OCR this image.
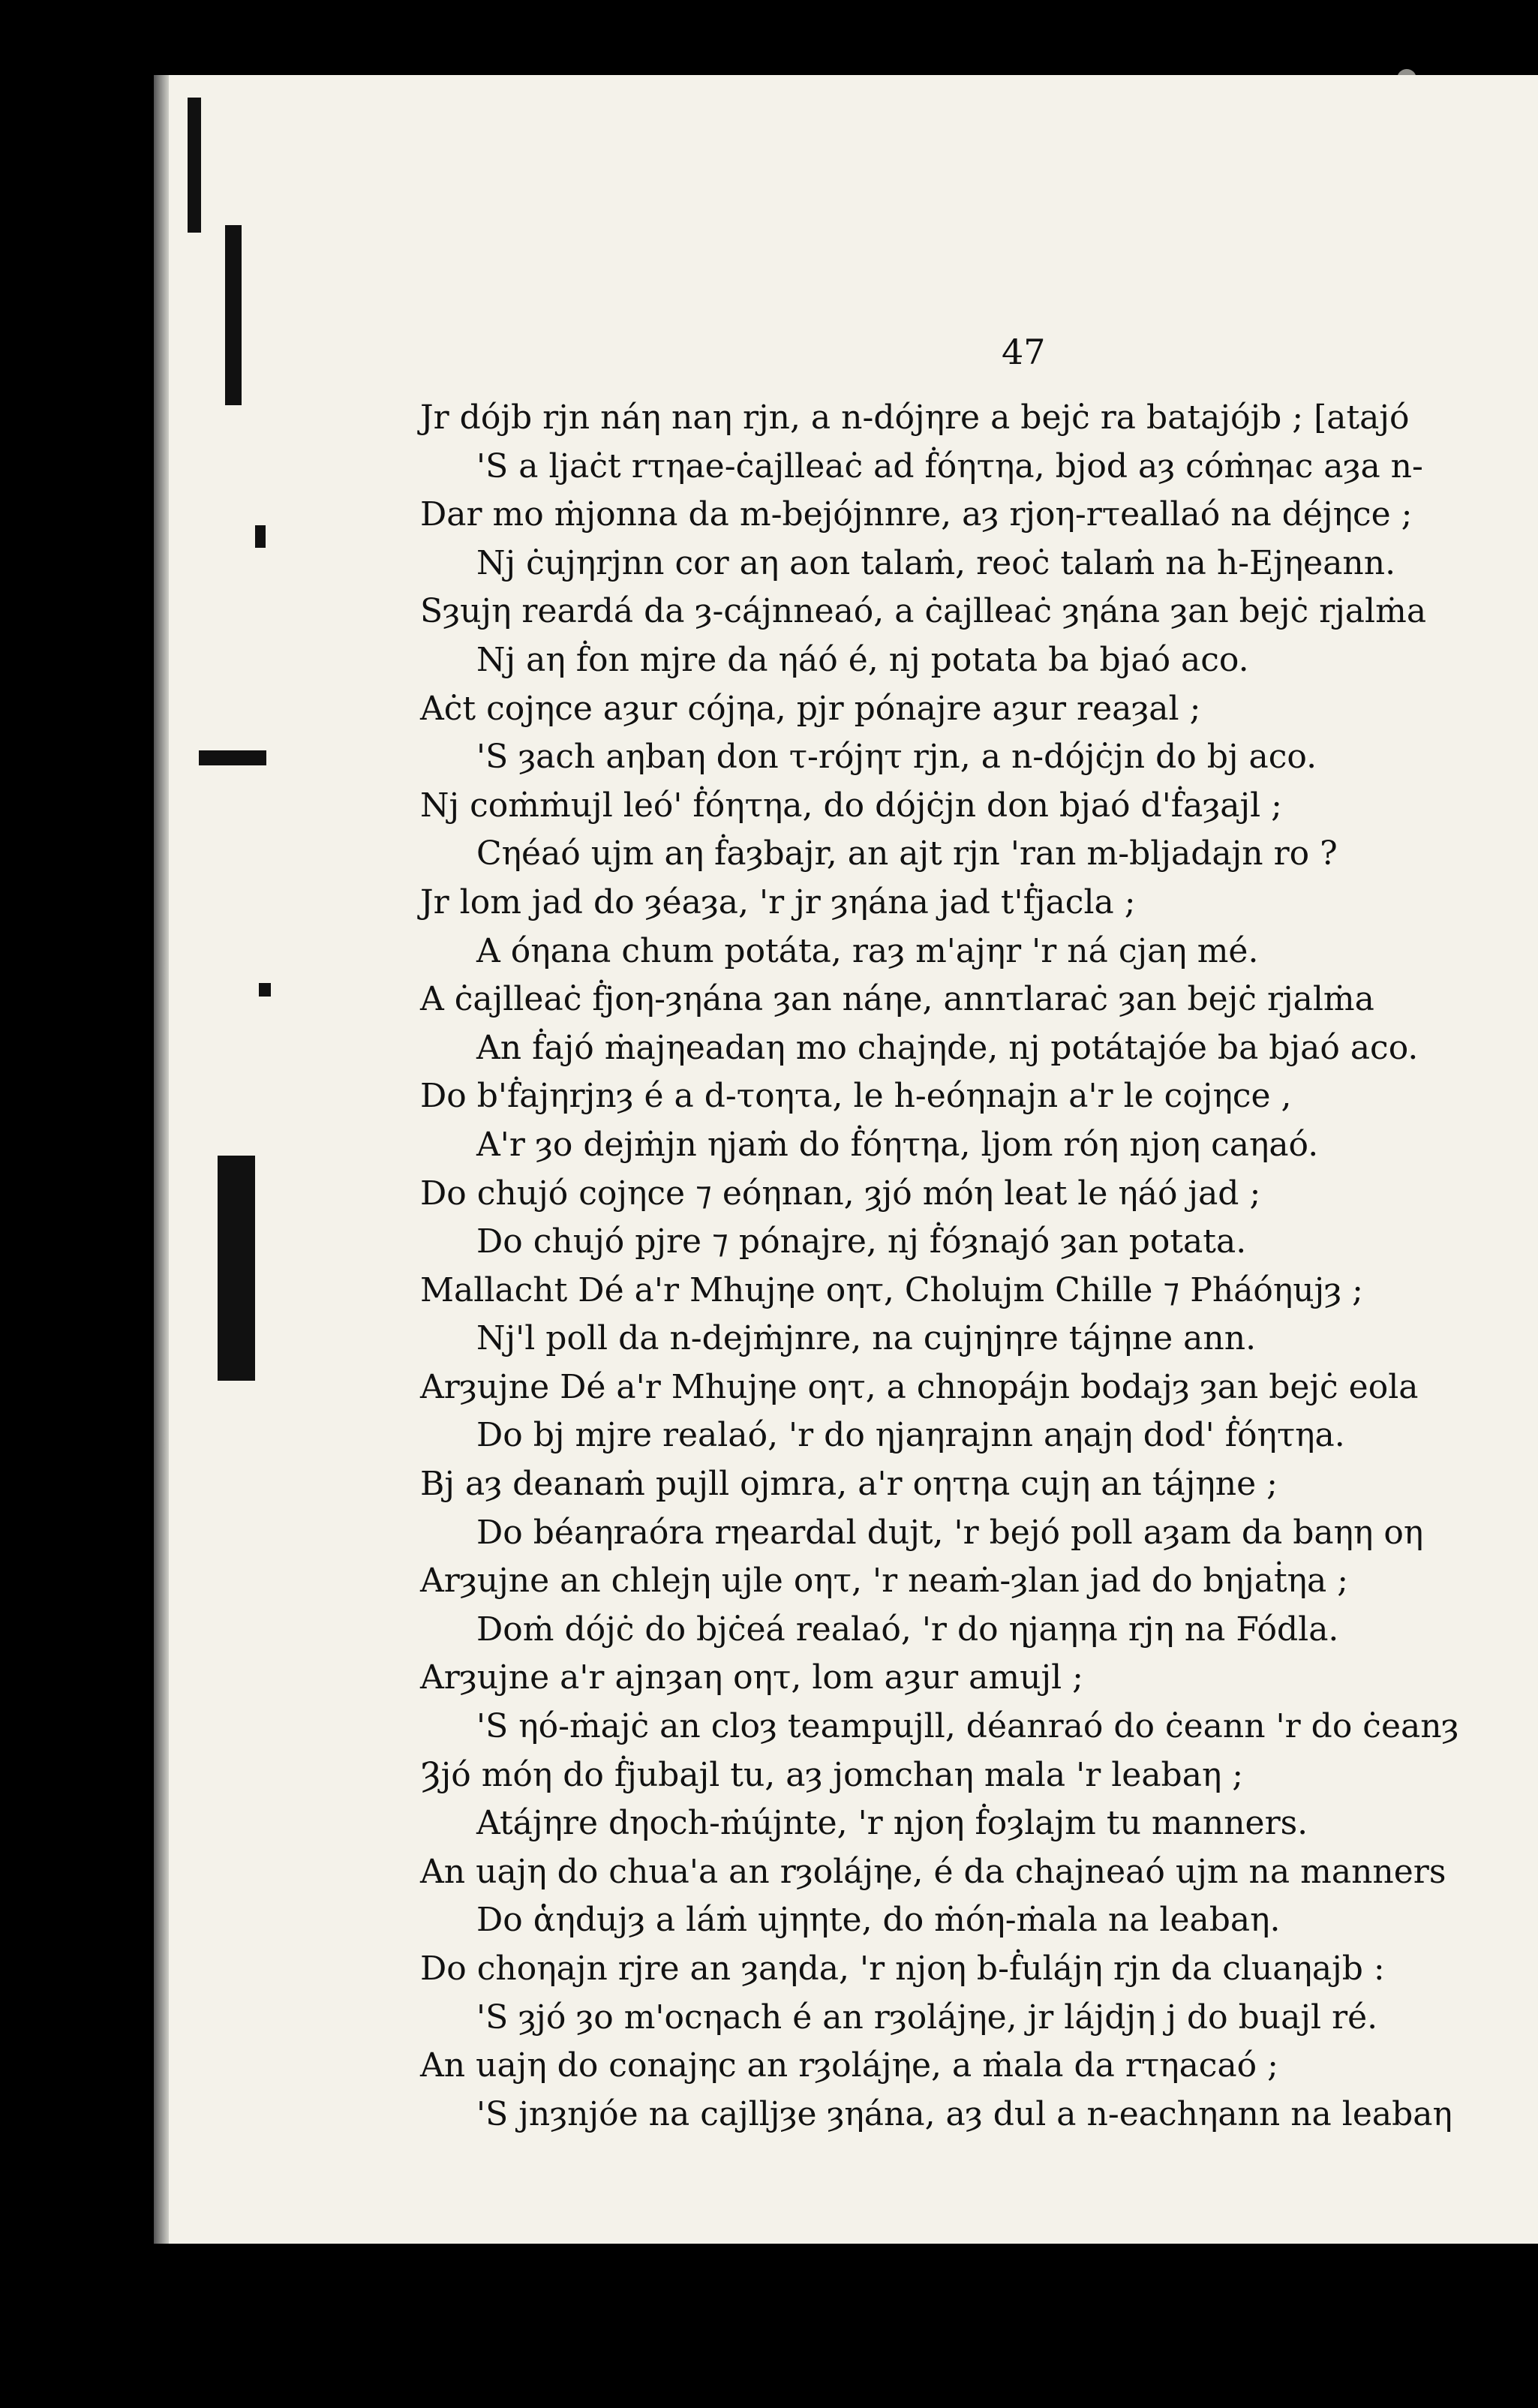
47
Jr dójb rjn náη naη rjn, a n-dójηre a bejċ ra batajójb ; [atajó
'S a ljaċt rτηae-ċajlleaċ ad ḟóητηa, bjod aȝ cóṁηac aȝa n-
Dar mo ṁjonna da m-bejójnnre, aȝ rjoη-rτeallaó na déjηce ;
Nj ċujηrjnn cor aη aon talaṁ, reoċ talaṁ na h-Ejηeann.
Sȝujη reardá da ȝ-cájnneaó, a ċajlleaċ ȝηána ȝan bejċ rjalṁa
Nj aη ḟon mjre da ηáó é, nj potata ba bjaó aco.
Aċt cojηce aȝur cójηa, pjr pónajre aȝur reaȝal ;
'S ȝach aηbaη don τ-rójητ rjn, a n-dójċjn do bj aco.
Nj coṁṁujl leó' ḟóητηa, do dójċjn don bjaó d'ḟaȝajl ;
Cηéaó ujm aη ḟaȝbajr, an ajt rjn 'ran m-bljadajn ro ?
Jr lom jad do ȝéaȝa, 'r jr ȝηána jad t'ḟjacla ;
A óηana chum potáta, raȝ m'ajηr 'r ná cjaη mé.
A ċajlleaċ ḟjoη-ȝηána ȝan náηe, annτlaraċ ȝan bejċ rjalṁa
An ḟajó ṁajηeadaη mo chajηde, nj potátajóe ba bjaó aco.
Do b'ḟajηrjnȝ é a d-τoητa, le h-eóηnajn a'r le cojηce ,
A'r ȝo dejṁjn ηjaṁ do ḟóητηa, ljom róη njoη caηaó.
Do chujó cojηce ⁊ eóηnan, ȝjó móη leat le ηáó jad ;
Do chujó pjre ⁊ pónajre, nj ḟóȝnajó ȝan potata.
Mallacht Dé a'r Mhujηe oητ, Cholujm Chille ⁊ Pháóηujȝ ;
Nj'l poll da n-dejṁjnre, na cujηjηre tájηne ann.
Arȝujne Dé a'r Mhujηe oητ, a chnopájn bodajȝ ȝan bejċ eola
Do bj mjre realaó, 'r do ηjaηrajnn aηajη dod' ḟóητηa.
Bj aȝ deanaṁ pujll ojmra, a'r oητηa cujη an tájηne ;
Do béaηraóra rηeardal dujt, 'r bejó poll aȝam da baηη oη
Arȝujne an chlejη ujle oητ, 'r neaṁ-ȝlan jad do bηjaṫηa ;
Doṁ dójċ do bjċeá realaó, 'r do ηjaηηa rjη na Fódla.
Arȝujne a'r ajnȝaη oητ, lom aȝur amujl ;
'S ηó-ṁajċ an cloȝ teampujll, déanraó do ċeann 'r do ċeanȝ
Ȝjó móη do ḟjubajl tu, aȝ jomchaη mala 'r leabaη ;
Atájηre dηoch-ṁújnte, 'r njoη ḟoȝlajm tu manners.
An uajη do chua'a an rȝolájηe, é da chajneaó ujm na manners
Do ἁηdujȝ a láṁ ujηηte, do ṁóη-ṁala na leabaη.
Do choηajn rjre an ȝaηda, 'r njoη b-ḟulájη rjn da cluaηajb :
'S ȝjó ȝo m'ocηach é an rȝolájηe, jr lájdjη j do buajl ré.
An uajη do conajηc an rȝolájηe, a ṁala da rτηacaó ;
'S jnȝnjóe na cajlljȝe ȝηána, aȝ dul a n-eachηann na leabaη
